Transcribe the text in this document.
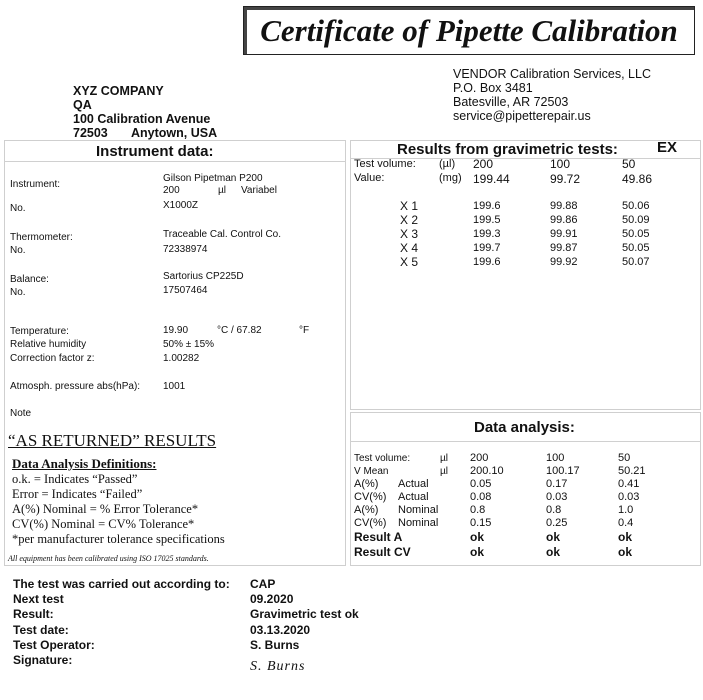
Certificate of Pipette Calibration
XYZ COMPANY
QA
100 Calibration Avenue
72503 Anytown, USA
VENDOR Calibration Services, LLC
P.O. Box 3481
Batesville, AR 72503
service@pipetterepair.us
Instrument data:
Instrument:
Gilson Pipetman P200
200	µl Variabel
No.	X1000Z
Thermometer:	Traceable Cal. Control Co.
No.	72338974
Balance:	Sartorius CP225D
No.	17507464
Temperature:	19.90	°C / 67.82	°F
Relative humidity	50% ± 15%
Correction factor z:	1.00282
Atmosph. pressure abs(hPa): 1001
Note
“AS RETURNED” RESULTS
Data Analysis Definitions:
o.k. = Indicates “Passed”
Error = Indicates “Failed”
A(%) Nominal = % Error Tolerance*
CV(%) Nominal = CV% Tolerance*
*per manufacturer tolerance specifications
All equipment has been calibrated using ISO 17025 standards.
Results from gravimetric tests:	EX
Test volume: (µl) 200	100	50
Value:	(mg) 199.44	99.72	49.86
X 1	199.6	99.88	50.06
X 2	199.5	99.86	50.09
X 3	199.3	99.91	50.05
X 4	199.7	99.87	50.05
X 5	199.6	99.92	50.07
Data analysis:
Test volume:	µl 200	100	50
V Mean	µl 200.10	100.17	50.21
A(%) Actual	0.05	0.17	0.41
CV(%) Actual	0.08	0.03	0.03
A(%) Nominal	0.8	0.8	1.0
CV(%) Nominal	0.15	0.25	0.4
Result A	ok	ok	ok
Result CV	ok	ok	ok
The test was carried out according to: CAP
Next test	09.2020
Result:	Gravimetric test ok
Test date:	03.13.2020
Test Operator:	S. Burns
Signature:	S. Burns
